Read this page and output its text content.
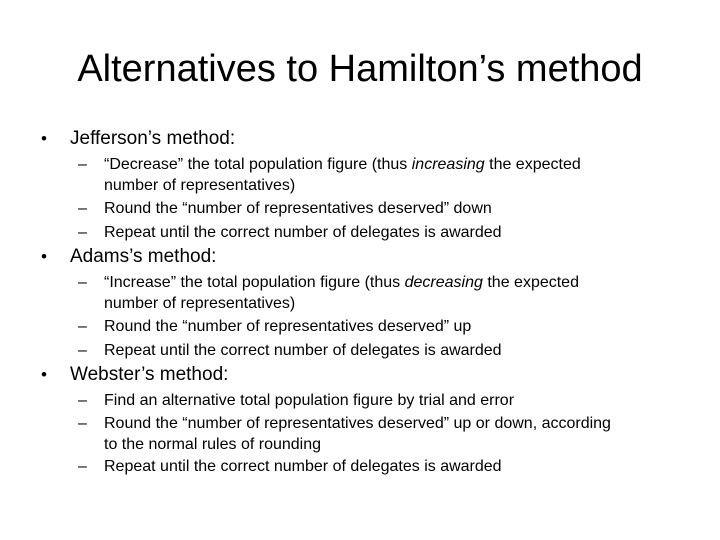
Alternatives to Hamilton’s method
• Jefferson’s method:
– “Decrease” the total population figure (thus increasing the expected
number of representatives)
– Round the “number of representatives deserved” down
– Repeat until the correct number of delegates is awarded
• Adams’s method:
– “Increase” the total population figure (thus decreasing the expected
number of representatives)
– Round the “number of representatives deserved” up
– Repeat until the correct number of delegates is awarded
• Webster’s method:
– Find an alternative total population figure by trial and error
– Round the “number of representatives deserved” up or down, according
to the normal rules of rounding
– Repeat until the correct number of delegates is awarded
